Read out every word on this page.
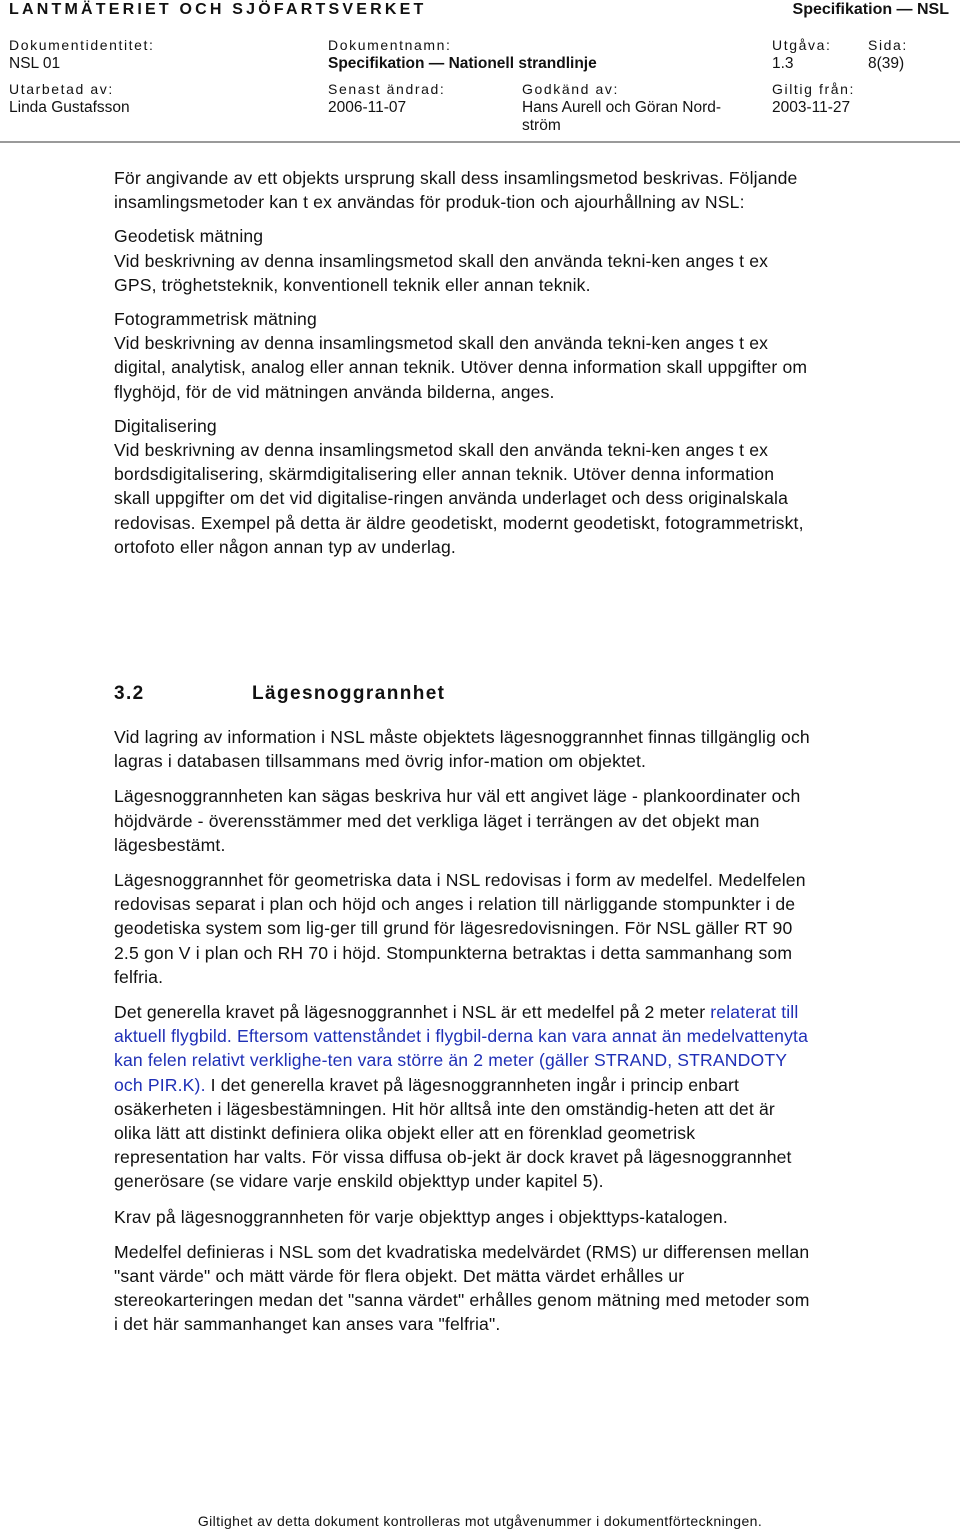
LANTMÄTERIET OCH SJÖFARTSVERKET	Specifikation — NSL
Dokumentidentitet:
NSL 01
Dokumentnamn:
Specifikation — Nationell strandlinje
Utgåva:
1.3
Sida:
8(39)
Utarbetad av:
Linda Gustafsson
Senast ändrad:
2006-11-07
Godkänd av:
Hans Aurell och Göran Nord-
ström
Giltig från:
2003-11-27

För angivande av ett objekts ursprung skall dess insamlingsmetod beskrivas. Följande insamlingsmetoder kan t ex användas för produk-tion och ajourhållning av NSL:

Geodetisk mätning

Vid beskrivning av denna insamlingsmetod skall den använda tekni-ken anges t ex GPS, tröghetsteknik, konventionell teknik eller annan teknik.

Fotogrammetrisk mätning

Vid beskrivning av denna insamlingsmetod skall den använda tekni-ken anges t ex digital, analytisk, analog eller annan teknik. Utöver denna information skall uppgifter om flyghöjd, för de vid mätningen använda bilderna, anges.

Digitalisering

Vid beskrivning av denna insamlingsmetod skall den använda tekni-ken anges t ex bordsdigitalisering, skärmdigitalisering eller annan teknik. Utöver denna information skall uppgifter om det vid digitalise-ringen använda underlaget och dess originalskala redovisas. Exempel på detta är äldre geodetiskt, modernt geodetiskt, fotogrammetriskt, ortofoto eller någon annan typ av underlag.

3.2	Lägesnoggrannhet

Vid lagring av information i NSL måste objektets lägesnoggrannhet finnas tillgänglig och lagras i databasen tillsammans med övrig infor-mation om objektet.

Lägesnoggrannheten kan sägas beskriva hur väl ett angivet läge - plankoordinater och höjdvärde - överensstämmer med det verkliga läget i terrängen av det objekt man lägesbestämt.

Lägesnoggrannhet för geometriska data i NSL redovisas i form av medelfel. Medelfelen redovisas separat i plan och höjd och anges i relation till närliggande stompunkter i de geodetiska system som lig-ger till grund för lägesredovisningen. För NSL gäller RT 90 2.5 gon V i plan och RH 70 i höjd. Stompunkterna betraktas i detta sammanhang som felfria.

Det generella kravet på lägesnoggrannhet i NSL är ett medelfel på 2 meter relaterat till aktuell flygbild. Eftersom vattenståndet i flygbil-derna kan vara annat än medelvattenyta kan felen relativt verklighe-ten vara större än 2 meter (gäller STRAND, STRANDOTY och PIR.K). I det generella kravet på lägesnoggrannheten ingår i princip enbart osäkerheten i lägesbestämningen. Hit hör alltså inte den omständig-heten att det är olika lätt att distinkt definiera olika objekt eller att en förenklad geometrisk representation har valts. För vissa diffusa ob-jekt är dock kravet på lägesnoggrannhet generösare (se vidare varje enskild objekttyp under kapitel 5).

Krav på lägesnoggrannheten för varje objekttyp anges i objekttyps-katalogen.

Medelfel definieras i NSL som det kvadratiska medelvärdet (RMS) ur differensen mellan "sant värde" och mätt värde för flera objekt. Det mätta värdet erhålles ur stereokarteringen medan det "sanna värdet" erhålles genom mätning med metoder som i det här sammanhanget kan anses vara "felfria".

Giltighet av detta dokument kontrolleras mot utgåvenummer i dokumentförteckningen.
